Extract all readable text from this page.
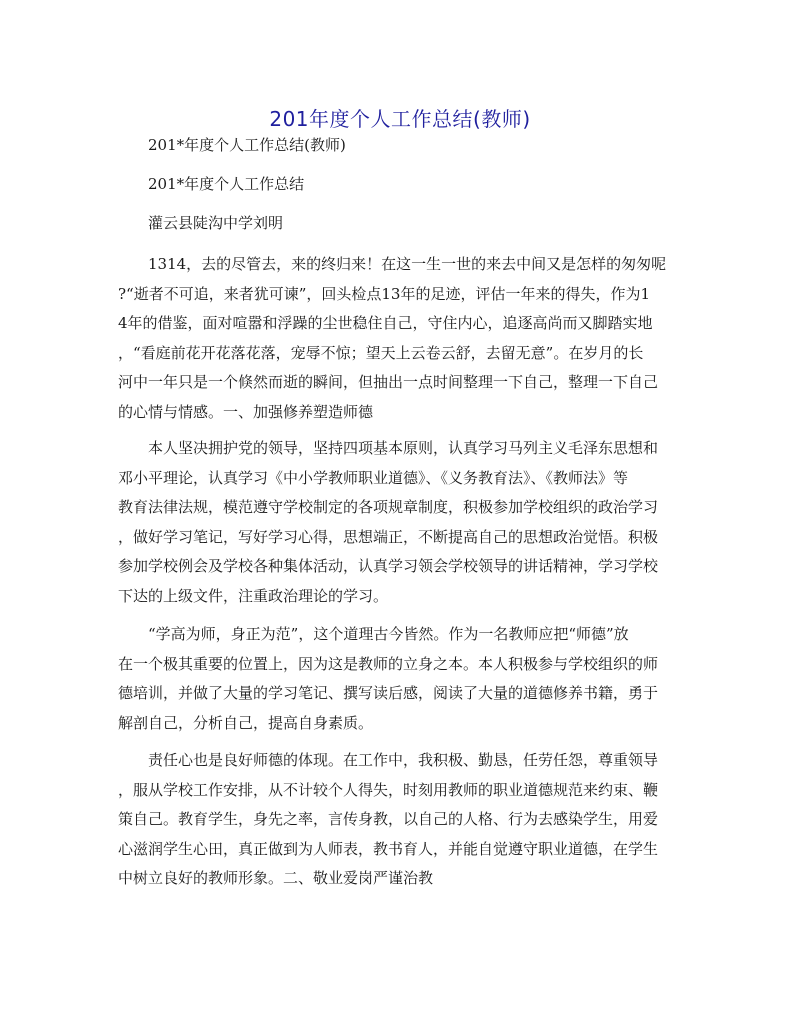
201年度个人工作总结(教师)
201*年度个人工作总结(教师)
201*年度个人工作总结
灌云县陡沟中学刘明
1314，去的尽管去，来的终归来！在这一生一世的来去中间又是怎样的匆匆呢
?“逝者不可追，来者犹可谏”，回头检点13年的足迹，评估一年来的得失，作为1
4年的借鉴，面对喧嚣和浮躁的尘世稳住自己，守住内心，追逐高尚而又脚踏实地
，“看庭前花开花落花落，宠辱不惊；望天上云卷云舒，去留无意”。在岁月的长
河中一年只是一个倏然而逝的瞬间，但抽出一点时间整理一下自己，整理一下自己
的心情与情感。一、加强修养塑造师德
本人坚决拥护党的领导，坚持四项基本原则，认真学习马列主义毛泽东思想和
邓小平理论，认真学习《中小学教师职业道德》、《义务教育法》、《教师法》等
教育法律法规，模范遵守学校制定的各项规章制度，积极参加学校组织的政治学习
，做好学习笔记，写好学习心得，思想端正，不断提高自己的思想政治觉悟。积极
参加学校例会及学校各种集体活动，认真学习领会学校领导的讲话精神，学习学校
下达的上级文件，注重政治理论的学习。
“学高为师，身正为范”，这个道理古今皆然。作为一名教师应把“师德”放
在一个极其重要的位置上，因为这是教师的立身之本。本人积极参与学校组织的师
德培训，并做了大量的学习笔记、撰写读后感，阅读了大量的道德修养书籍，勇于
解剖自己，分析自己，提高自身素质。
责任心也是良好师德的体现。在工作中，我积极、勤恳，任劳任怨，尊重领导
，服从学校工作安排，从不计较个人得失，时刻用教师的职业道德规范来约束、鞭
策自己。教育学生，身先之率，言传身教，以自己的人格、行为去感染学生，用爱
心滋润学生心田，真正做到为人师表，教书育人，并能自觉遵守职业道德，在学生
中树立良好的教师形象。二、敬业爱岗严谨治教
